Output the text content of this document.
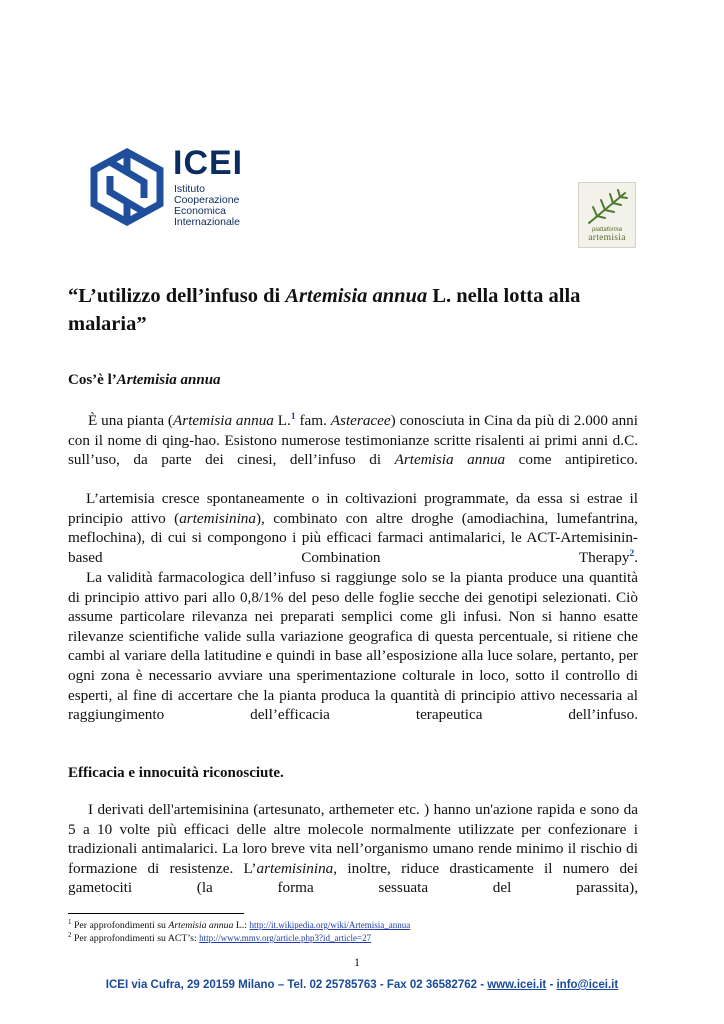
ICEI
Istituto
Cooperazione
Economica
Internazionale
piattaforma
artemisia
“L’utilizzo dell’infuso di Artemisia annua L. nella lotta alla malaria”
Cos’è l’Artemisia annua

È una pianta (Artemisia annua L.$^1$ fam. Asteracee) conosciuta in Cina da più di 2.000 anni con il nome di qing-hao. Esistono numerose testimonianze scritte risalenti ai primi anni d.C. sull’uso, da parte dei cinesi, dell’infuso di Artemisia annua come antipiretico.

L’artemisia cresce spontaneamente o in coltivazioni programmate, da essa si estrae il principio attivo (artemisinina), combinato con altre droghe (amodiachina, lumefantrina, meflochina), di cui si compongono i più efficaci farmaci antimalarici, le ACT-Artemisinin-based Combination Therapy$^2$.

La validità farmacologica dell’infuso si raggiunge solo se la pianta produce una quantità di principio attivo pari allo 0,8/1% del peso delle foglie secche dei genotipi selezionati. Ciò assume particolare rilevanza nei preparati semplici come gli infusi. Non si hanno esatte rilevanze scientifiche valide sulla variazione geografica di questa percentuale, si ritiene che cambi al variare della latitudine e quindi in base all’esposizione alla luce solare, pertanto, per ogni zona è necessario avviare una sperimentazione colturale in loco, sotto il controllo di esperti, al fine di accertare che la pianta produca la quantità di principio attivo necessaria al raggiungimento dell’efficacia terapeutica dell’infuso.

Efficacia e innocuità riconosciute.

I derivati dell'artemisinina (artesunato, arthemeter etc. ) hanno un'azione rapida e sono da 5 a 10 volte più efficaci delle altre molecole normalmente utilizzate per confezionare i tradizionali antimalarici. La loro breve vita nell’organismo umano rende minimo il rischio di formazione di resistenze. L’artemisinina, inoltre, riduce drasticamente il numero dei gametociti (la forma sessuata del parassita),

$^1$ Per approfondimenti su Artemisia annua L.: http://it.wikipedia.org/wiki/Artemisia_annua

$^2$ Per approfondimenti su ACT’s: http://www.mmv.org/article.php3?id_article=27

1
ICEI via Cufra, 29 20159 Milano – Tel. 02 25785763 - Fax 02 36582762 - www.icei.it - info@icei.it
